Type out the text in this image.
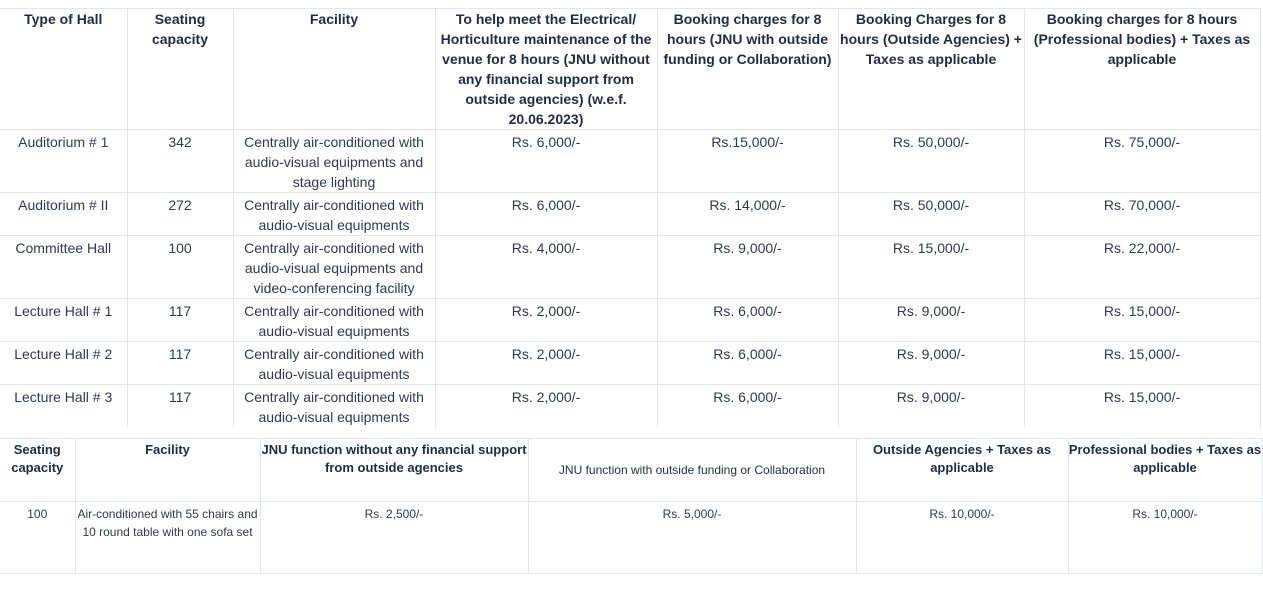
Type of Hall	Seating capacity	Facility	To help meet the Electrical/ Horticulture maintenance of the venue for 8 hours (JNU without any financial support from outside agencies) (w.e.f. 20.06.2023)	Booking charges for 8 hours (JNU with outside funding or Collaboration)	Booking Charges for 8 hours (Outside Agencies) + Taxes as applicable	Booking charges for 8 hours (Professional bodies) + Taxes as applicable
Auditorium # 1	342	Centrally air-conditioned with audio-visual equipments and stage lighting	Rs. 6,000/-	Rs.15,000/-	Rs. 50,000/-	Rs. 75,000/-
Auditorium # II	272	Centrally air-conditioned with audio-visual equipments	Rs. 6,000/-	Rs. 14,000/-	Rs. 50,000/-	Rs. 70,000/-
Committee Hall	100	Centrally air-conditioned with audio-visual equipments and video-conferencing facility	Rs. 4,000/-	Rs. 9,000/-	Rs. 15,000/-	Rs. 22,000/-
Lecture Hall # 1	117	Centrally air-conditioned with audio-visual equipments	Rs. 2,000/-	Rs. 6,000/-	Rs. 9,000/-	Rs. 15,000/-
Lecture Hall # 2	117	Centrally air-conditioned with audio-visual equipments	Rs. 2,000/-	Rs. 6,000/-	Rs. 9,000/-	Rs. 15,000/-
Lecture Hall # 3	117	Centrally air-conditioned with audio-visual equipments	Rs. 2,000/-	Rs. 6,000/-	Rs. 9,000/-	Rs. 15,000/-
Seating capacity	Facility	JNU function without any financial support from outside agencies	JNU function with outside funding or Collaboration	Outside Agencies + Taxes as applicable	Professional bodies + Taxes as applicable
100	Air-conditioned with 55 chairs and 10 round table with one sofa set	Rs. 2,500/-	Rs. 5,000/-	Rs. 10,000/-	Rs. 10,000/-
